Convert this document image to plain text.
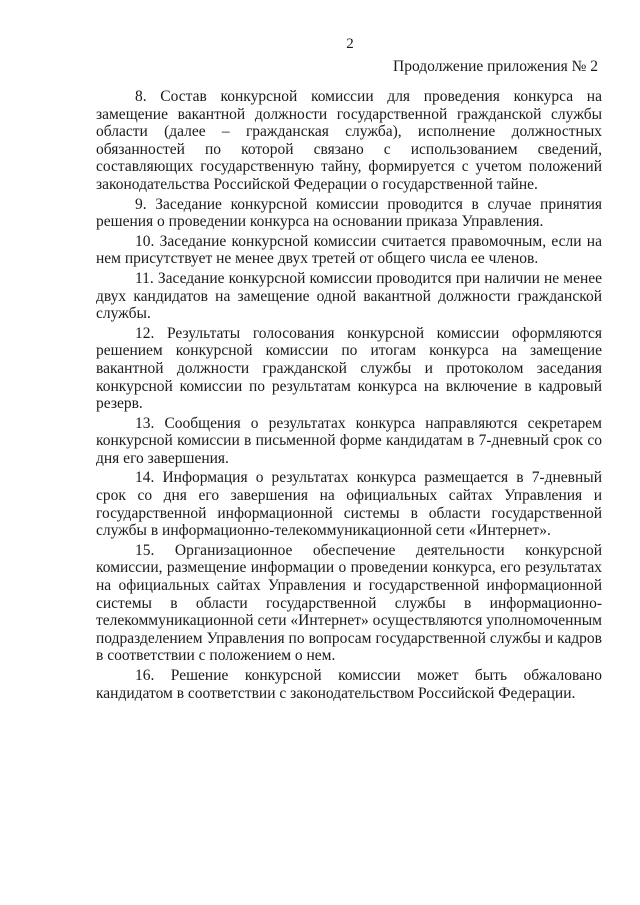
2
Продолжение приложения № 2

8. Состав конкурсной комиссии для проведения конкурса на замещение вакантной должности государственной гражданской службы области (далее – гражданская служба), исполнение должностных обязанностей по которой связано с использованием сведений, составляющих государственную тайну, формируется с учетом положений законодательства Российской Федерации о государственной тайне.

9. Заседание конкурсной комиссии проводится в случае принятия решения о проведении конкурса на основании приказа Управления.

10. Заседание конкурсной комиссии считается правомочным, если на нем присутствует не менее двух третей от общего числа ее членов.

11. Заседание конкурсной комиссии проводится при наличии не менее двух кандидатов на замещение одной вакантной должности гражданской службы.

12. Результаты голосования конкурсной комиссии оформляются решением конкурсной комиссии по итогам конкурса на замещение вакантной должности гражданской службы и протоколом заседания конкурсной комиссии по результатам конкурса на включение в кадровый резерв.

13. Сообщения о результатах конкурса направляются секретарем конкурсной комиссии в письменной форме кандидатам в 7-дневный срок со дня его завершения.

14. Информация о результатах конкурса размещается в 7-дневный срок со дня его завершения на официальных сайтах Управления и государственной информационной системы в области государственной службы в информационно-телекоммуникационной сети «Интернет».

15. Организационное обеспечение деятельности конкурсной комиссии, размещение информации о проведении конкурса, его результатах на официальных сайтах Управления и государственной информационной системы в области государственной службы в информационно-телекоммуникационной сети «Интернет» осуществляются уполномоченным подразделением Управления по вопросам государственной службы и кадров в соответствии с положением о нем.

16. Решение конкурсной комиссии может быть обжаловано кандидатом в соответствии с законодательством Российской Федерации.
